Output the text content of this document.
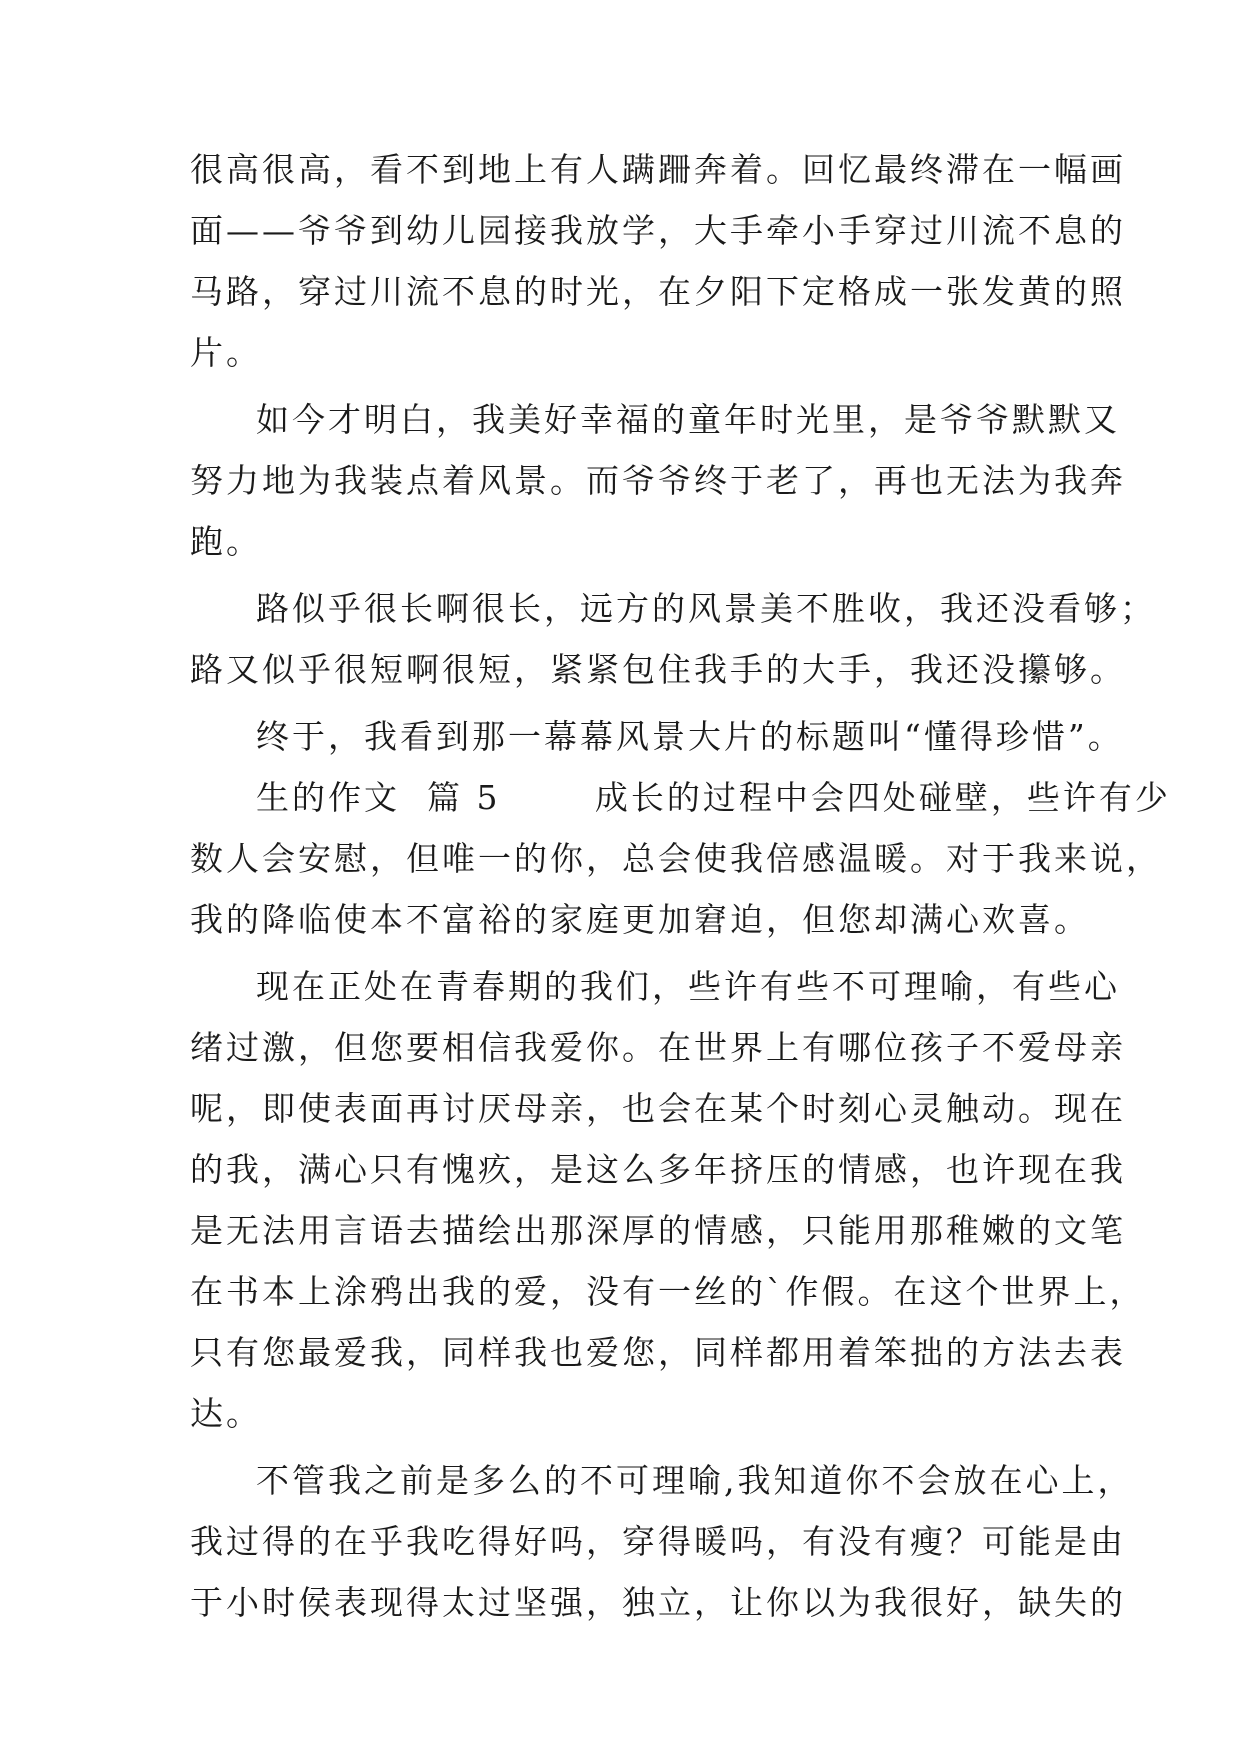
很高很高，看不到地上有人蹒跚奔着。回忆最终滞在一幅画
面——爷爷到幼儿园接我放学，大手牵小手穿过川流不息的
马路，穿过川流不息的时光，在夕阳下定格成一张发黄的照
片。
如今才明白，我美好幸福的童年时光里，是爷爷默默又
努力地为我装点着风景。而爷爷终于老了，再也无法为我奔
跑。
路似乎很长啊很长，远方的风景美不胜收，我还没看够；
路又似乎很短啊很短，紧紧包住我手的大手，我还没攥够。
终于，我看到那一幕幕风景大片的标题叫“懂得珍惜”。
生的作文  篇 5       成长的过程中会四处碰壁，些许有少
数人会安慰，但唯一的你，总会使我倍感温暖。对于我来说，
我的降临使本不富裕的家庭更加窘迫，但您却满心欢喜。
现在正处在青春期的我们，些许有些不可理喻，有些心
绪过激，但您要相信我爱你。在世界上有哪位孩子不爱母亲
呢，即使表面再讨厌母亲，也会在某个时刻心灵触动。现在
的我，满心只有愧疚，是这么多年挤压的情感，也许现在我
是无法用言语去描绘出那深厚的情感，只能用那稚嫩的文笔
在书本上涂鸦出我的爱，没有一丝的`作假。在这个世界上，
只有您最爱我，同样我也爱您，同样都用着笨拙的方法去表
达。
不管我之前是多么的不可理喻,我知道你不会放在心上，
我过得的在乎我吃得好吗，穿得暖吗，有没有瘦？可能是由
于小时侯表现得太过坚强，独立，让你以为我很好，缺失的
